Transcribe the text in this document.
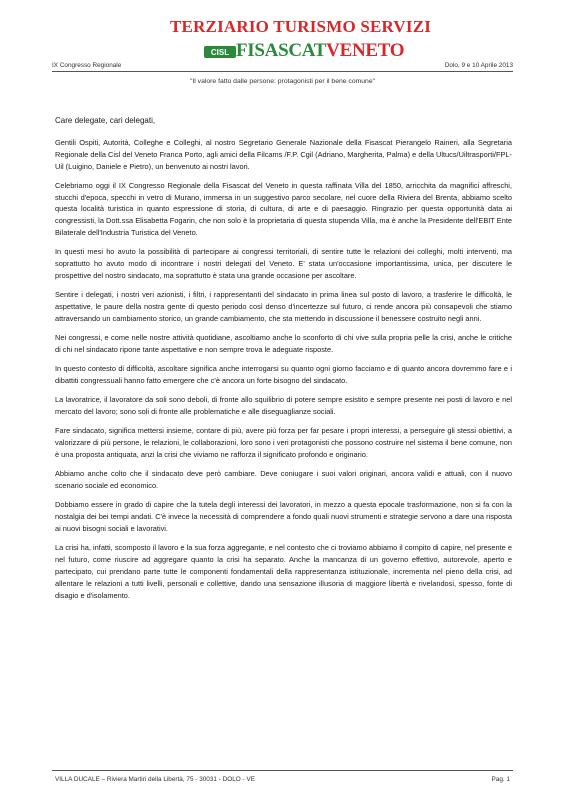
TERZIARIO TURISMO SERVIZI
CISL FISASCATVENETO
IX Congresso Regionale	Dolo, 9 e 10 Aprile 2013
"Il valore fatto dalle persone: protagonisti per il bene comune"

Care delegate, cari delegati,

Gentili Ospiti, Autorità, Colleghe e Colleghi, al nostro Segretario Generale Nazionale della Fisascat Pierangelo Raineri, alla Segretaria Regionale della Cisl del Veneto Franca Porto, agli amici della Filcams /F.P. Cgil (Adriano, Margherita, Palma) e della Ultucs/Uiltrasporti/FPL-Uil (Luigino, Daniele e Pietro), un benvenuto ai nostri lavori.

Celebriamo oggi il IX Congresso Regionale della Fisascat del Veneto in questa raffinata Villa del 1850, arricchita da magnifici affreschi, stucchi d'epoca, specchi in vetro di Murano, immersa in un suggestivo parco secolare, nel cuore della Riviera del Brenta, abbiamo scelto questa località turistica in quanto espressione di storia, di cultura, di arte e di paesaggio. Ringrazio per questa opportunità data ai congressisti, la Dott.ssa Elisabetta Fogarin, che non solo è la proprietaria di questa stupenda Villa, ma è anche la Presidente dell'EBIT Ente Bilaterale dell'Industria Turistica del Veneto.

In questi mesi ho avuto la possibilità di partecipare ai congressi territoriali, di sentire tutte le relazioni dei colleghi, molti interventi, ma soprattutto ho avuto modo di incontrare i nostri delegati del Veneto. E' stata un'occasione importantissima, unica, per discutere le prospettive del nostro sindacato, ma soprattutto è stata una grande occasione per ascoltare.

Sentire i delegati, i nostri veri azionisti, i filtri, i rappresentanti del sindacato in prima linea sul posto di lavoro, a trasferire le difficoltà, le aspettative, le paure della nostra gente di questo periodo così denso d'incertezze sul futuro, ci rende ancora più consapevoli che stiamo attraversando un cambiamento storico, un grande cambiamento, che sta mettendo in discussione il benessere costruito negli anni.

Nei congressi, e come nelle nostre attività quotidiane, ascoltiamo anche lo sconforto di chi vive sulla propria pelle la crisi, anche le critiche di chi nel sindacato ripone tante aspettative e non sempre trova le adeguate risposte.

In questo contesto di difficoltà, ascoltare significa anche interrogarsi su quanto ogni giorno facciamo e di quanto ancora dovremmo fare e i dibattiti congressuali hanno fatto emergere che c'è ancora un forte bisogno del sindacato.

La lavoratrice, il lavoratore da soli sono deboli, di fronte allo squilibrio di potere sempre esistito e sempre presente nei posti di lavoro e nel mercato del lavoro; sono soli di fronte alle problematiche e alle diseguaglianze sociali.

Fare sindacato, significa mettersi insieme, contare di più, avere più forza per far pesare i propri interessi, a perseguire gli stessi obiettivi, a valorizzare di più persone, le relazioni, le collaborazioni, loro sono i veri protagonisti che possono costruire nel sistema il bene comune, non è una proposta antiquata, anzi la crisi che viviamo ne rafforza il significato profondo e originario.

Abbiamo anche colto che il sindacato deve però cambiare. Deve coniugare i suoi valori originari, ancora validi e attuali, con il nuovo scenario sociale ed economico.

Dobbiamo essere in grado di capire che la tutela degli interessi dei lavoratori, in mezzo a questa epocale trasformazione, non si fa con la nostalgia dei bei tempi andati. C'è invece la necessità di comprendere a fondo quali nuovi strumenti e strategie servono a dare una risposta ai nuovi bisogni sociali e lavorativi.

La crisi ha, infatti, scomposto il lavoro e la sua forza aggregante, e nel contesto che ci troviamo abbiamo il compito di capire, nel presente e nel futuro, come riuscire ad aggregare quanto la crisi ha separato. Anche la mancanza di un governo effettivo, autorevole, aperto e partecipato, cui prendano parte tutte le componenti fondamentali della rappresentanza istituzionale, incrementa nel pieno della crisi, ad allentare le relazioni a tutti livelli, personali e collettive, dando una sensazione illusoria di maggiore libertà e rivelandosi, spesso, fonte di disagio e d'isolamento.

VILLA DUCALE – Riviera Martiri della Libertà, 75 - 30031 - DOLO - VE	Pag. 1
